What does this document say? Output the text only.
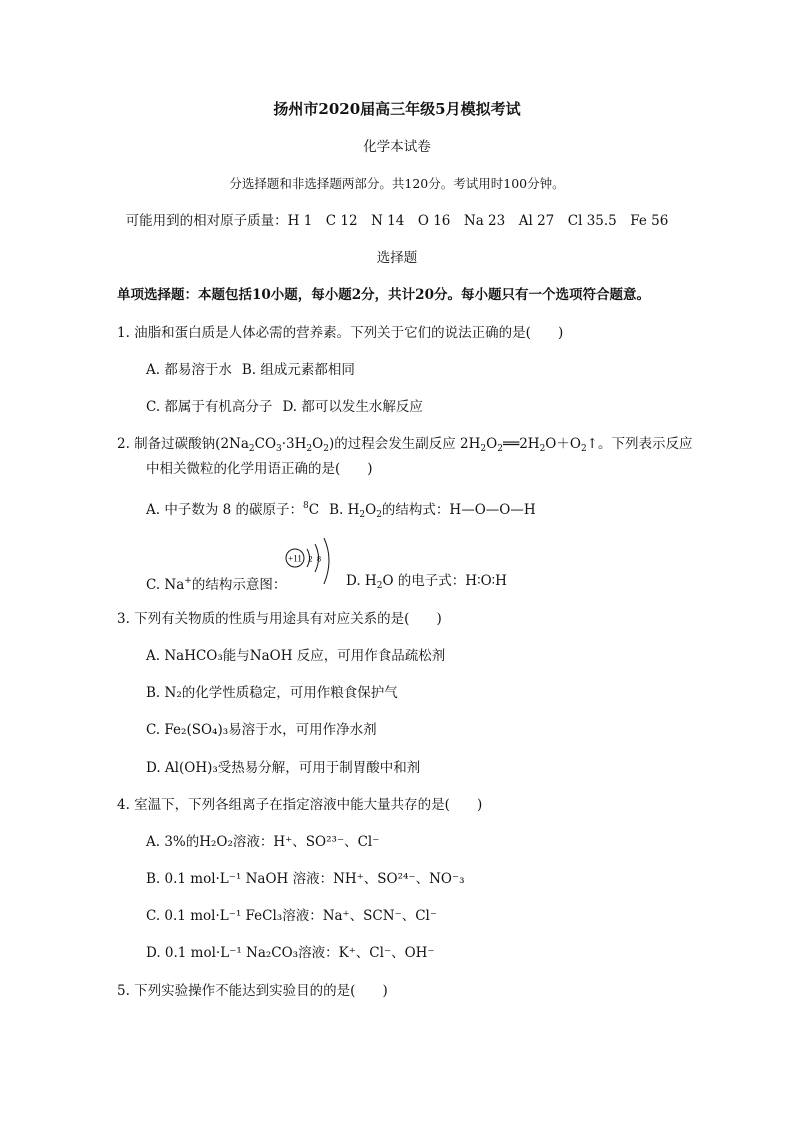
扬州市2020届高三年级5月模拟考试
化学本试卷
分选择题和非选择题两部分。共120分。考试用时100分钟。
可能用到的相对原子质量：H 1　C 12　N 14　O 16　Na 23　Al 27　Cl 35.5　Fe 56
选择题
单项选择题：本题包括10小题，每小题2分，共计20分。每小题只有一个选项符合题意。
1. 油脂和蛋白质是人体必需的营养素。下列关于它们的说法正确的是(　　)
A. 都易溶于水 B. 组成元素都相同
C. 都属于有机高分子 D. 都可以发生水解反应
2. 制备过碳酸钠$(2Na_2CO_3\cdot 3H_2O_2)$的过程会发生副反应 $2H_2O_2══2H_2O+O_2↑$。下列表示反应
中相关微粒的化学用语正确的是(　　)
A. 中子数为 8 的碳原子：$^8$C B. $H_2O_2$的结构式：H—O—O—H
+11 2 8
C. Na+的结构示意图：	D. $H_2O$ 的电子式：H∶O∶H
3. 下列有关物质的性质与用途具有对应关系的是(　　)
A. NaHCO₃能与NaOH 反应，可用作食品疏松剂
B. N₂的化学性质稳定，可用作粮食保护气
C. Fe₂(SO₄)₃易溶于水，可用作净水剂
D. Al(OH)₃受热易分解，可用于制胃酸中和剂
4. 室温下，下列各组离子在指定溶液中能大量共存的是(　　)
A. 3%的H₂O₂溶液：H⁺、SO²³⁻、Cl⁻
B. 0.1 mol·L⁻¹ NaOH 溶液：NH⁺、SO²⁴⁻、NO⁻₃
C. 0.1 mol·L⁻¹ FeCl₃溶液：Na⁺、SCN⁻、Cl⁻
D. 0.1 mol·L⁻¹ Na₂CO₃溶液：K⁺、Cl⁻、OH⁻
5. 下列实验操作不能达到实验目的的是(　　)
